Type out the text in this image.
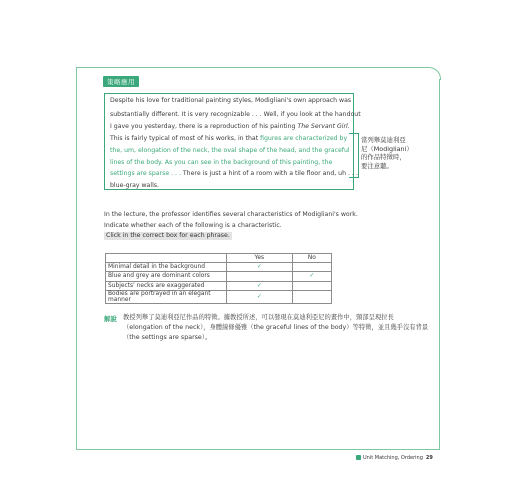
策略應用
Despite his love for traditional painting styles, Modigliani's own approach was
substantially different. It is very recognizable . . . Well, if you look at the handout
I gave you yesterday, there is a reproduction of his painting The Servant Girl.
This is fairly typical of most of his works, in that figures are characterized by
the, um, elongation of the neck, the oval shape of the head, and the graceful
lines of the body. As you can see in the background of this painting, the
settings are sparse . . . There is just a hint of a room with a tile floor and, uh . . .
blue-gray walls.
當列舉莫迪利亞
尼（Modigliani）
的作品特徵時，
要注意聽。
In the lecture, the professor identifies several characteristics of Modigliani's work.
Indicate whether each of the following is a characteristic.
Click in the correct box for each phrase.
	Yes	No
Minimal detail in the background	✓	
Blue and grey are dominant colors		✓
Subjects' necks are exaggerated	✓	
Bodies are portrayed in an elegant manner	✓	
解說 教授列舉了莫迪利亞尼作品的特徵。據教授所述，可以發現在莫迪利亞尼的畫作中，頸部呈現拉長
（elongation of the neck），身體線條優雅（the graceful lines of the body）等特徵，並且幾乎沒有背景
（the settings are sparse）。
Unit Matching, Ordering 29
